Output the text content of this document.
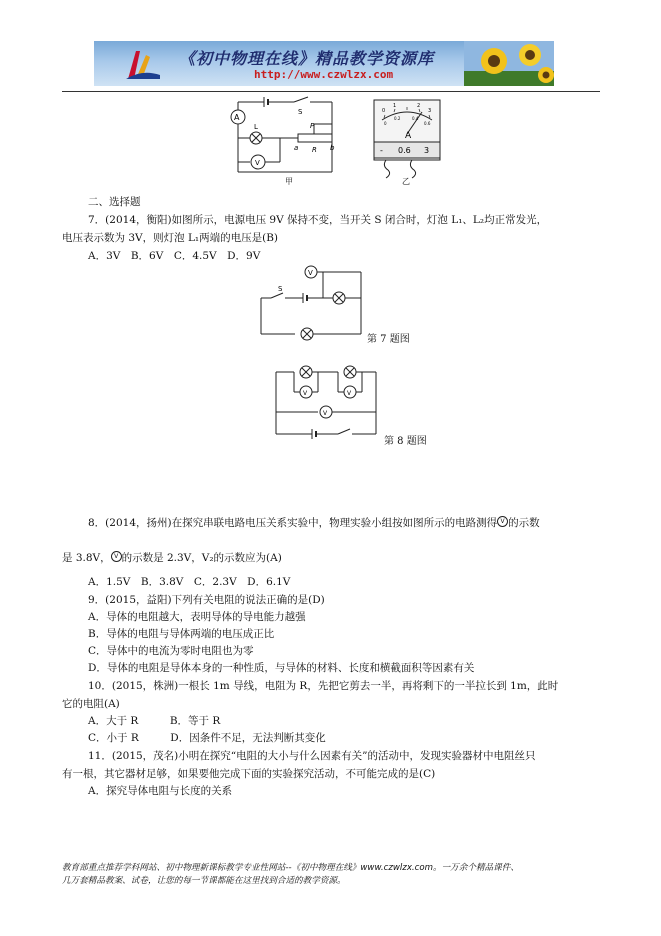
《初中物理在线》精品教学资源库
http://www.czwlzx.com
A
L
V
S
P
a R b
甲
A
0
1	2
3
0
0.2	0.4
0.6
- 0.6 3
乙
二、选择题
7．(2014，衡阳)如图所示，电源电压 9V 保持不变，当开关 S 闭合时，灯泡 L₁、L₂均正常发光，
电压表示数为 3V，则灯泡 L₁两端的电压是(B)
A．3V　B．6V　C．4.5V　D．9V
V
S
第 7 题图
V	V
V
第 8 题图
8．(2014，扬州)在探究串联电路电压关系实验中，物理实验小组按如图所示的电路测得 V 的示数
是 3.8V， V 的示数是 2.3V，V₂的示数应为(A)
A．1.5V　B．3.8V　C．2.3V　D．6.1V
9．(2015，益阳)下列有关电阻的说法正确的是(D)
A．导体的电阻越大，表明导体的导电能力越强
B．导体的电阻与导体两端的电压成正比
C．导体中的电流为零时电阻也为零
D．导体的电阻是导体本身的一种性质，与导体的材料、长度和横截面积等因素有关
10．(2015，株洲)一根长 1m 导线，电阻为 R，先把它剪去一半，再将剩下的一半拉长到 1m，此时
它的电阻(A)
A．大于 R　　　B．等于 R
C．小于 R　　　D．因条件不足，无法判断其变化
11．(2015，茂名)小明在探究“电阻的大小与什么因素有关”的活动中，发现实验器材中电阻丝只
有一根，其它器材足够，如果要他完成下面的实验探究活动，不可能完成的是(C)
A．探究导体电阻与长度的关系
教育部重点推荐学科网站、初中物理新课标教学专业性网站--《初中物理在线》www.czwlzx.com。一万余个精品课件、
几万套精品教案、试卷，让您的每一节课都能在这里找到合适的教学资源。
